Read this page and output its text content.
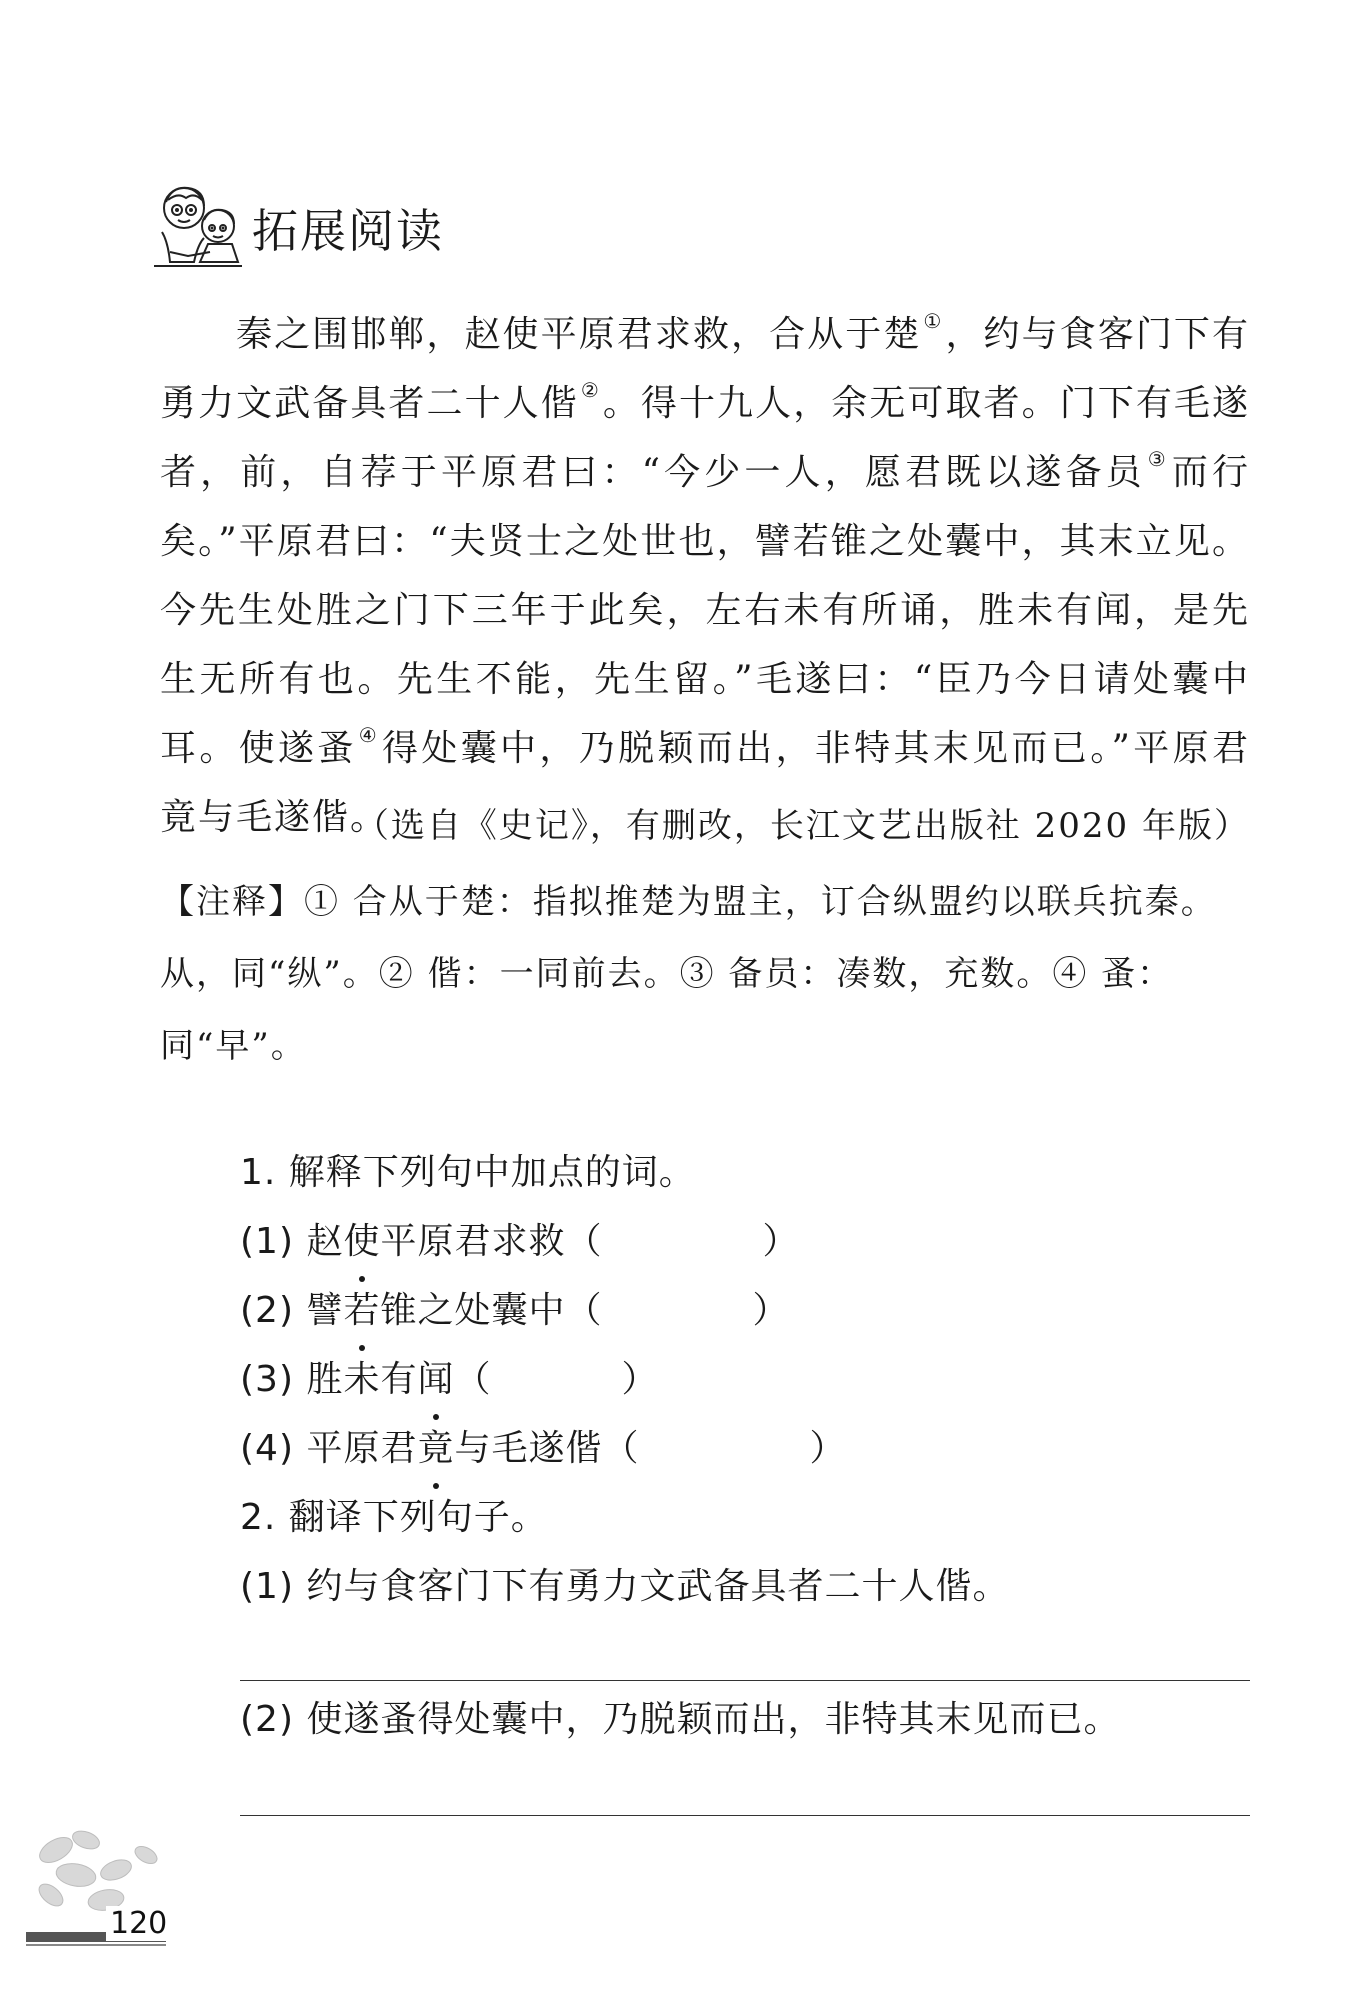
拓展阅读

秦之围邯郸，赵使平原君求救，合从于楚 ①，约与食客门下有勇力文武备具者二十人偕 ②。得十九人，余无可取者。门下有毛遂者，前，自荐于平原君曰：“今少一人，愿君既以遂备员 ③而行矣。”平原君曰：“夫贤士之处世也，譬若锥之处囊中，其末立见。今先生处胜之门下三年于此矣，左右未有所诵，胜未有闻，是先生无所有也。先生不能，先生留。”毛遂曰：“臣乃今日请处囊中耳。使遂蚤 ④得处囊中，乃脱颖而出，非特其末见而已。”平原君竟与毛遂偕。

（选自《史记》，有删改，长江文艺出版社 2020 年版）

【注释】① 合从于楚：指拟推楚为盟主，订合纵盟约以联兵抗秦。从，同“纵”。② 偕：一同前去。③ 备员：凑数，充数。④ 蚤：同“早”。

1. 解释下列句中加点的词。
(1) 赵使平原君求救（	）
(2) 譬若锥之处囊中（	）
(3) 胜未有闻（	）
(4) 平原君竟与毛遂偕（	）
2. 翻译下列句子。
(1) 约与食客门下有勇力文武备具者二十人偕。
(2) 使遂蚤得处囊中，乃脱颖而出，非特其末见而已。
120
